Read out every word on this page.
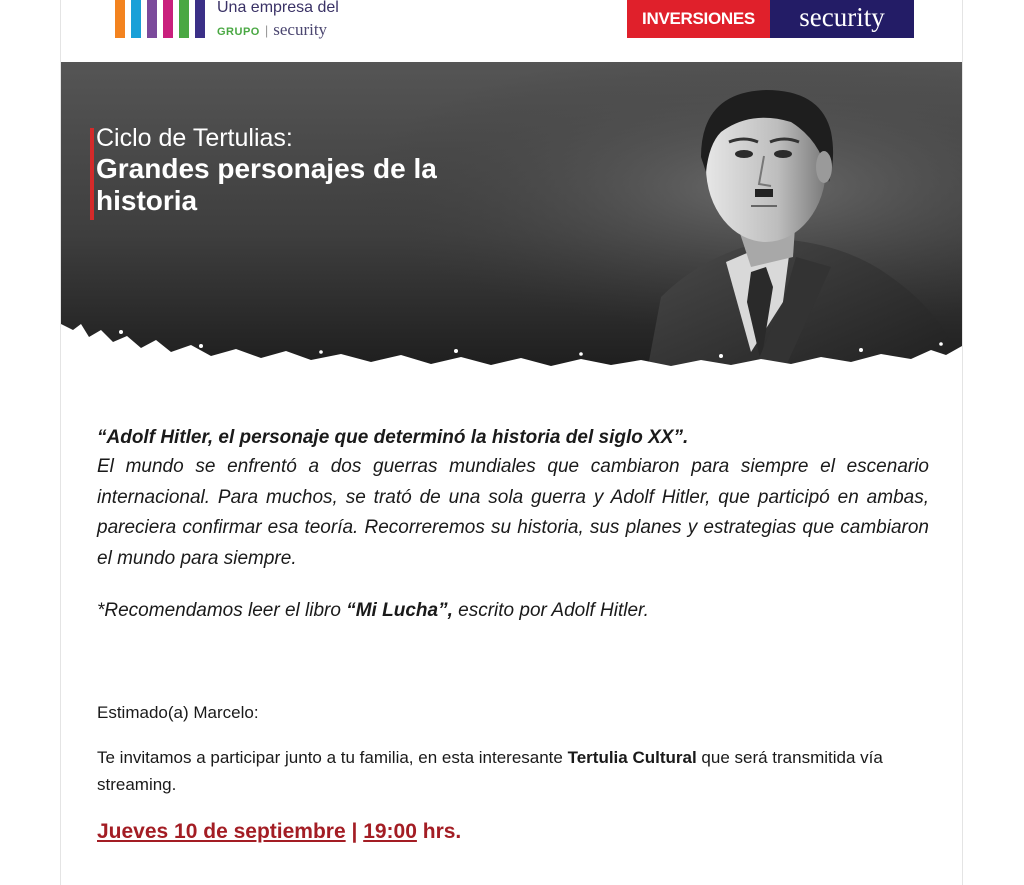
Una empresa del
GRUPO | security
INVERSIONES	security
Ciclo de Tertulias:
Grandes personajes de la historia
“Adolf Hitler, el personaje que determinó la historia del siglo XX”.
El mundo se enfrentó a dos guerras mundiales que cambiaron para siempre el escenario internacional. Para muchos, se trató de una sola guerra y Adolf Hitler, que participó en ambas, pareciera confirmar esa teoría. Recorreremos su historia, sus planes y estrategias que cambiaron el mundo para siempre.
*Recomendamos leer el libro “Mi Lucha”, escrito por Adolf Hitler.
Estimado(a) Marcelo:
Te invitamos a participar junto a tu familia, en esta interesante Tertulia Cultural que será transmitida vía streaming.
Jueves 10 de septiembre | 19:00 hrs.
